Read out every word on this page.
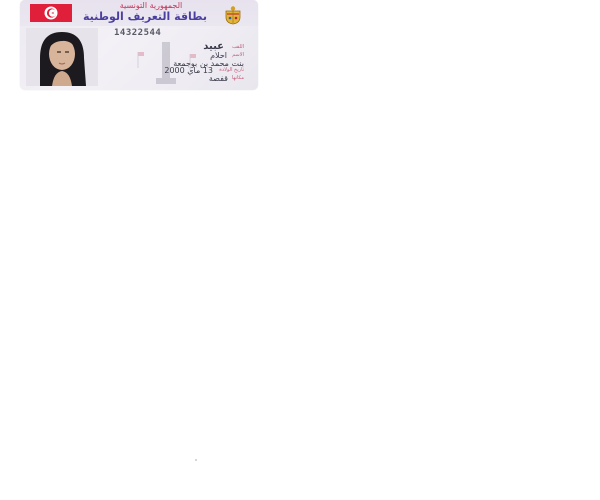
الجمهورية التونسية
بطاقة التعريف الوطنية
14322544
اللقب
عبيد
الاسم
احلام
بنت محمد بن بوجمعة
تاريخ الولادة
13 ماي 2000
مكانها
قفصة
